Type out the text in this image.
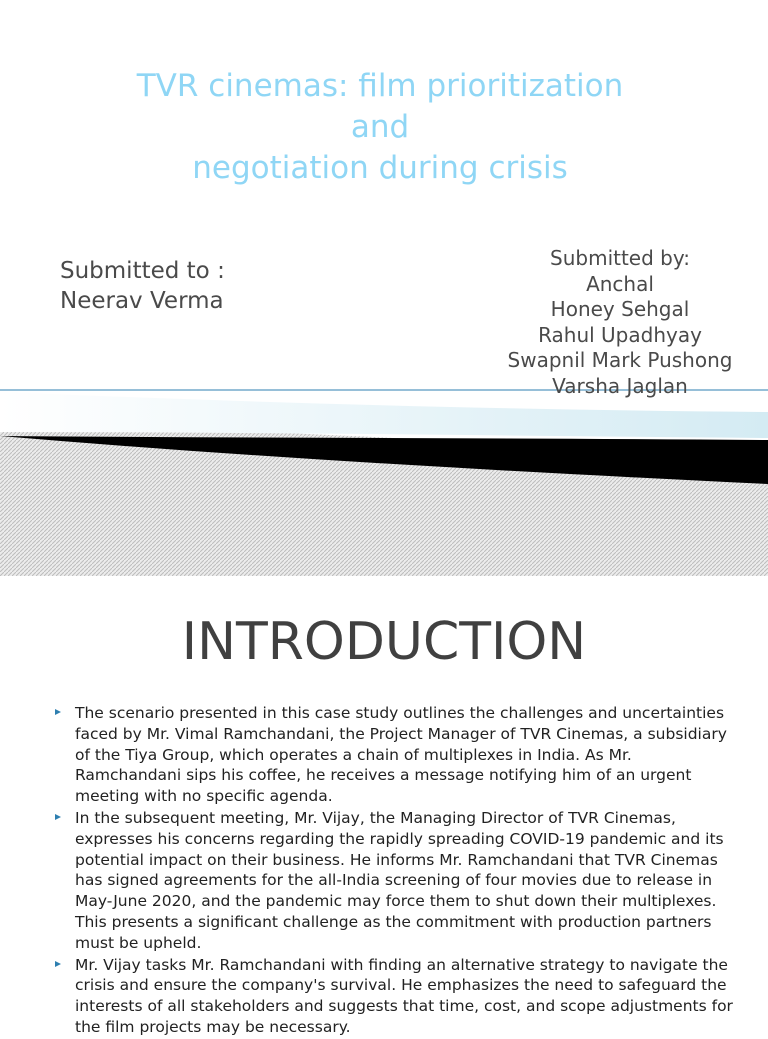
TVR cinemas: film prioritization
and
negotiation during crisis
Submitted to :
Neerav Verma
Submitted by:
Anchal
Honey Sehgal
Rahul Upadhyay
Swapnil Mark Pushong
Varsha Jaglan
INTRODUCTION
The scenario presented in this case study outlines the challenges and uncertainties faced by Mr. Vimal Ramchandani, the Project Manager of TVR Cinemas, a subsidiary of the Tiya Group, which operates a chain of multiplexes in India. As Mr. Ramchandani sips his coffee, he receives a message notifying him of an urgent meeting with no specific agenda.
In the subsequent meeting, Mr. Vijay, the Managing Director of TVR Cinemas, expresses his concerns regarding the rapidly spreading COVID-19 pandemic and its potential impact on their business. He informs Mr. Ramchandani that TVR Cinemas has signed agreements for the all-India screening of four movies due to release in May-June 2020, and the pandemic may force them to shut down their multiplexes. This presents a significant challenge as the commitment with production partners must be upheld.
Mr. Vijay tasks Mr. Ramchandani with finding an alternative strategy to navigate the crisis and ensure the company's survival. He emphasizes the need to safeguard the interests of all stakeholders and suggests that time, cost, and scope adjustments for the film projects may be necessary.
